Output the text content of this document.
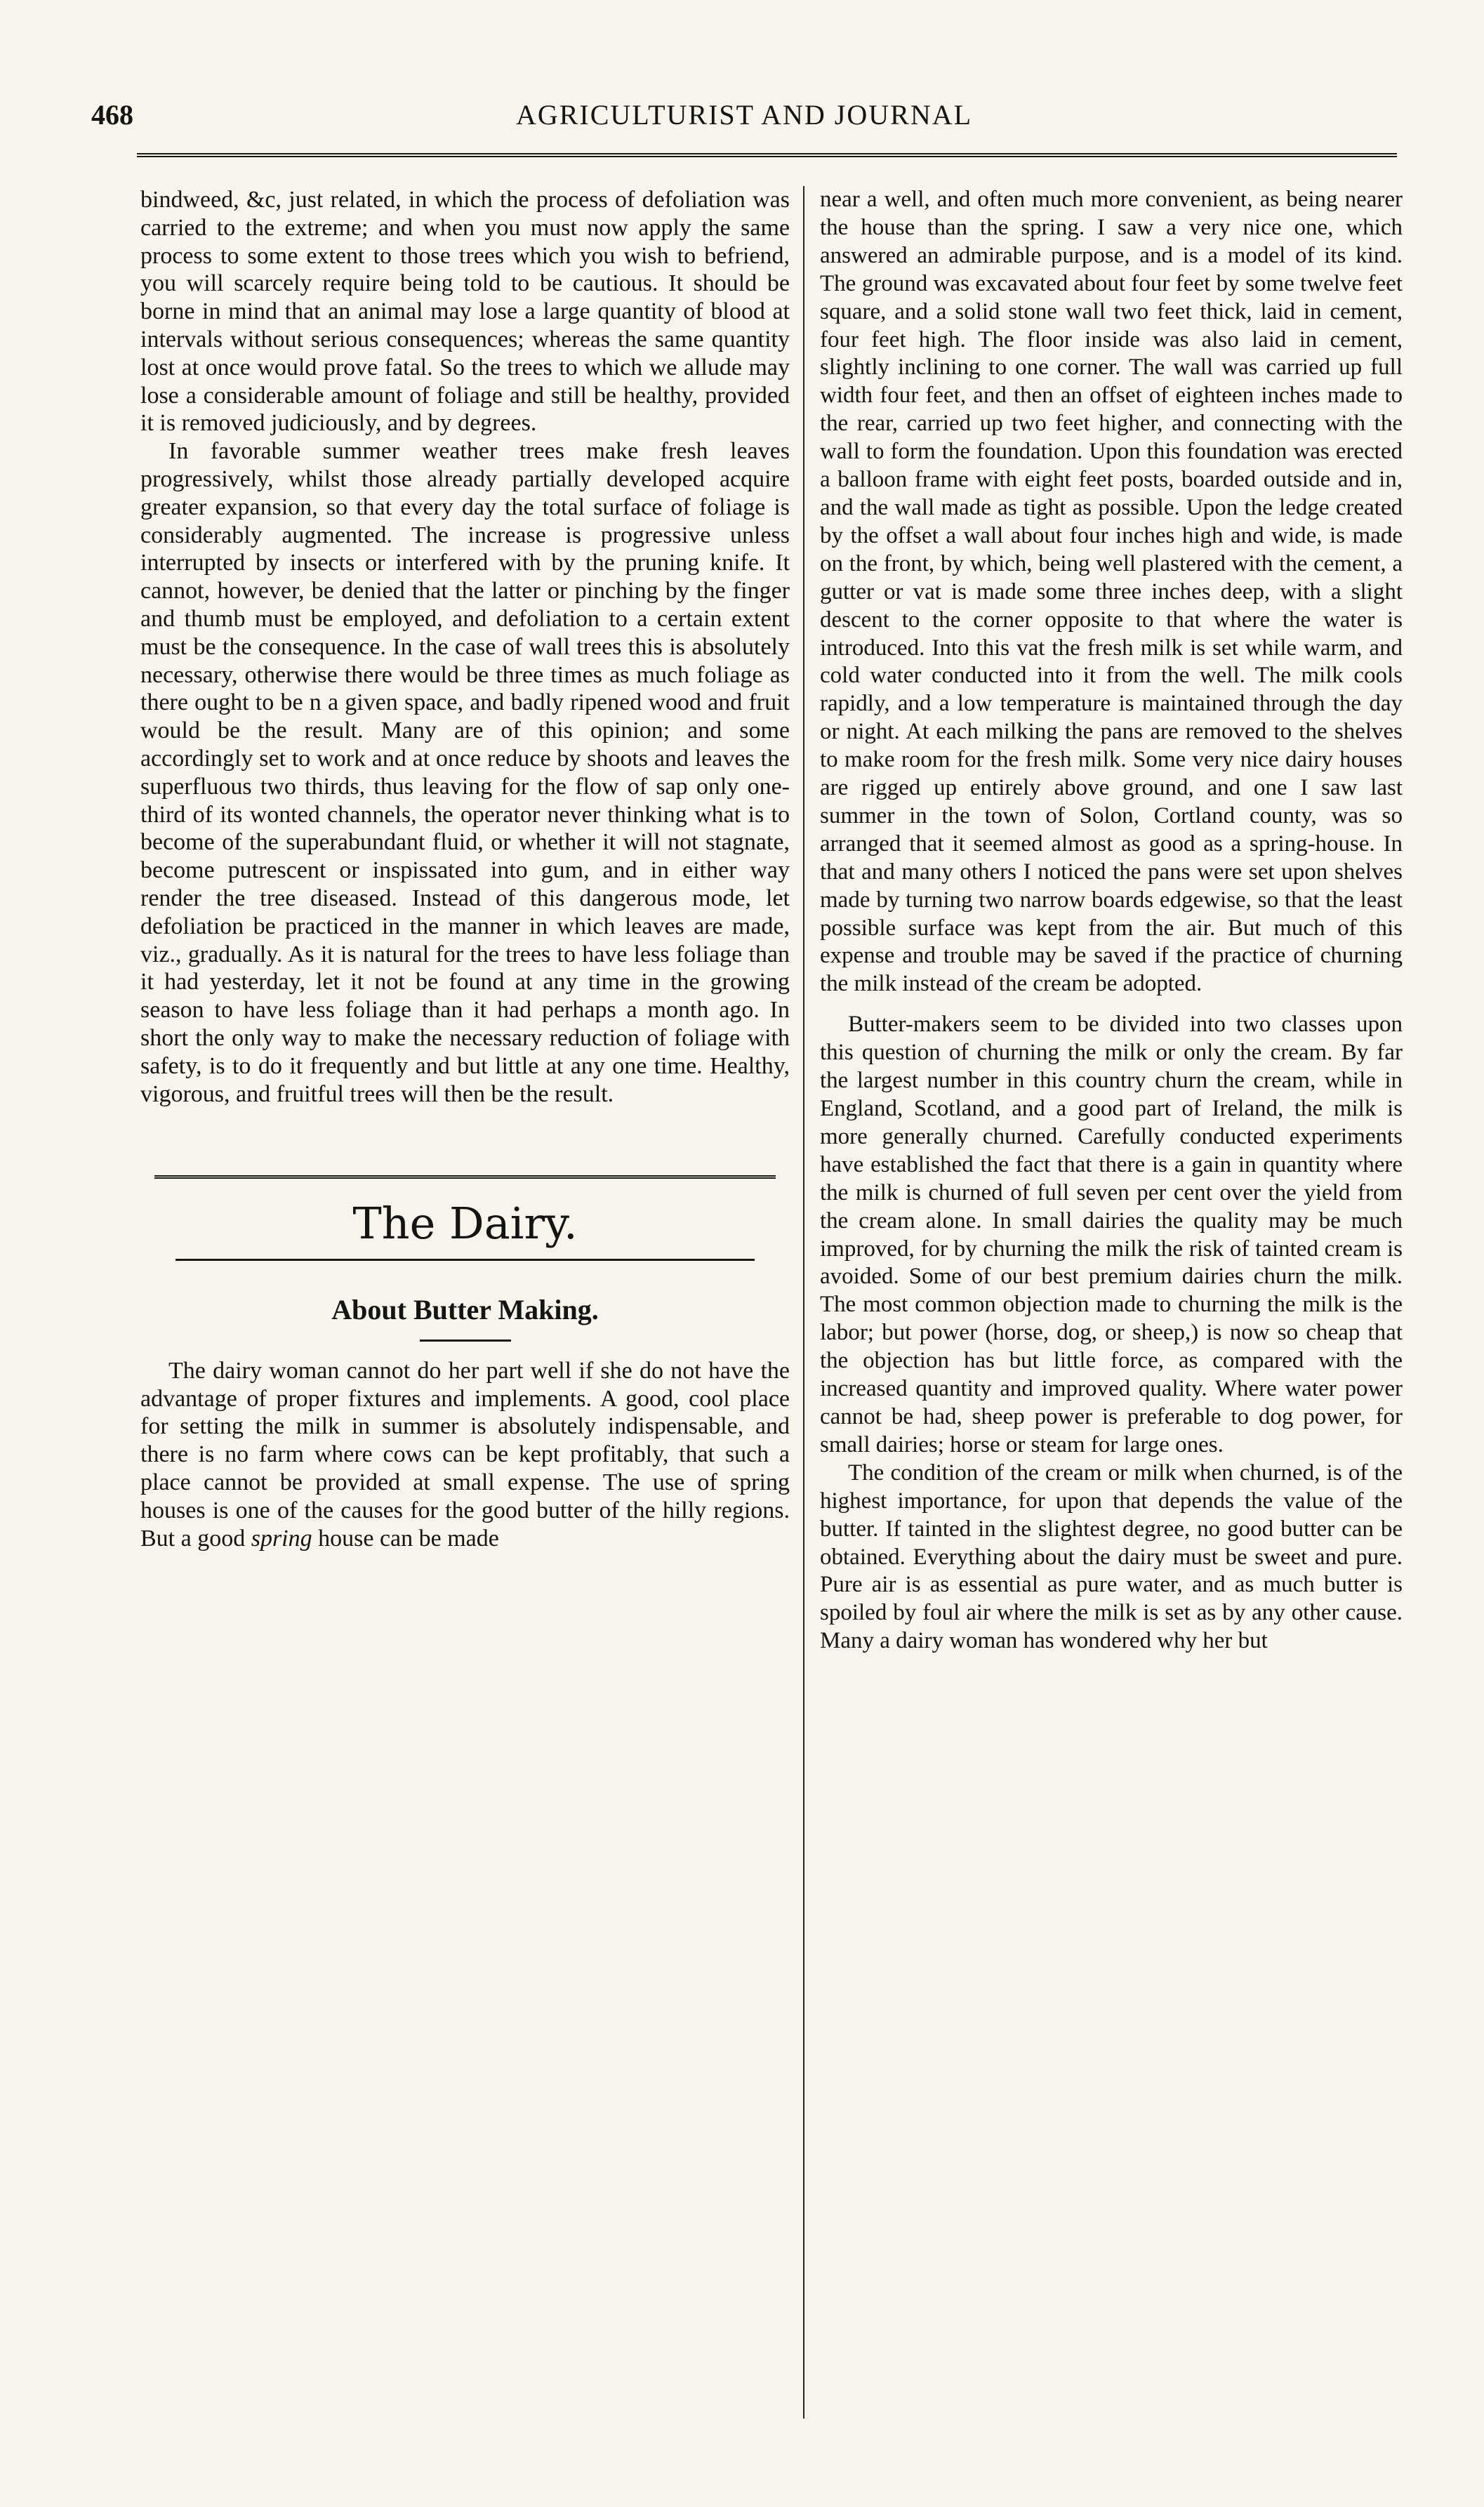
468	AGRICULTURIST AND JOURNAL

bindweed, &c, just related, in which the process of defoliation was carried to the extreme; and when you must now apply the same process to some extent to those trees which you wish to befriend, you will scarcely require being told to be cautious. It should be borne in mind that an animal may lose a large quantity of blood at intervals without serious consequences; whereas the same quantity lost at once would prove fatal. So the trees to which we allude may lose a considerable amount of foliage and still be healthy, provided it is removed judiciously, and by degrees.

In favorable summer weather trees make fresh leaves progressively, whilst those already partially developed acquire greater expansion, so that every day the total surface of foliage is considerably augmented. The increase is progressive unless interrupted by insects or interfered with by the pruning knife. It cannot, however, be denied that the latter or pinching by the finger and thumb must be employed, and defoliation to a certain extent must be the consequence. In the case of wall trees this is absolutely necessary, otherwise there would be three times as much foliage as there ought to be n a given space, and badly ripened wood and fruit would be the result. Many are of this opinion; and some accordingly set to work and at once reduce by shoots and leaves the superfluous two thirds, thus leaving for the flow of sap only one-third of its wonted channels, the operator never thinking what is to become of the superabundant fluid, or whether it will not stagnate, become putrescent or inspissated into gum, and in either way render the tree diseased. Instead of this dangerous mode, let defoliation be practiced in the manner in which leaves are made, viz., gradually. As it is natural for the trees to have less foliage than it had yesterday, let it not be found at any time in the growing season to have less foliage than it had perhaps a month ago. In short the only way to make the necessary reduction of foliage with safety, is to do it frequently and but little at any one time. Healthy, vigorous, and fruitful trees will then be the result.

The Dairy.
About Butter Making.

The dairy woman cannot do her part well if she do not have the advantage of proper fixtures and implements. A good, cool place for setting the milk in summer is absolutely indispensable, and there is no farm where cows can be kept profitably, that such a place cannot be provided at small expense. The use of spring houses is one of the causes for the good butter of the hilly regions. But a good spring house can be made

near a well, and often much more convenient, as being nearer the house than the spring. I saw a very nice one, which answered an admirable purpose, and is a model of its kind. The ground was excavated about four feet by some twelve feet square, and a solid stone wall two feet thick, laid in cement, four feet high. The floor inside was also laid in cement, slightly inclining to one corner. The wall was carried up full width four feet, and then an offset of eighteen inches made to the rear, carried up two feet higher, and connecting with the wall to form the foundation. Upon this foundation was erected a balloon frame with eight feet posts, boarded outside and in, and the wall made as tight as possible. Upon the ledge created by the offset a wall about four inches high and wide, is made on the front, by which, being well plastered with the cement, a gutter or vat is made some three inches deep, with a slight descent to the corner opposite to that where the water is introduced. Into this vat the fresh milk is set while warm, and cold water conducted into it from the well. The milk cools rapidly, and a low temperature is maintained through the day or night. At each milking the pans are removed to the shelves to make room for the fresh milk. Some very nice dairy houses are rigged up entirely above ground, and one I saw last summer in the town of Solon, Cortland county, was so arranged that it seemed almost as good as a spring-house. In that and many others I noticed the pans were set upon shelves made by turning two narrow boards edgewise, so that the least possible surface was kept from the air. But much of this expense and trouble may be saved if the practice of churning the milk instead of the cream be adopted.

Butter-makers seem to be divided into two classes upon this question of churning the milk or only the cream. By far the largest number in this country churn the cream, while in England, Scotland, and a good part of Ireland, the milk is more generally churned. Carefully conducted experiments have established the fact that there is a gain in quantity where the milk is churned of full seven per cent over the yield from the cream alone. In small dairies the quality may be much improved, for by churning the milk the risk of tainted cream is avoided. Some of our best premium dairies churn the milk. The most common objection made to churning the milk is the labor; but power (horse, dog, or sheep,) is now so cheap that the objection has but little force, as compared with the increased quantity and improved quality. Where water power cannot be had, sheep power is preferable to dog power, for small dairies; horse or steam for large ones.

The condition of the cream or milk when churned, is of the highest importance, for upon that depends the value of the butter. If tainted in the slightest degree, no good butter can be obtained. Everything about the dairy must be sweet and pure. Pure air is as essential as pure water, and as much butter is spoiled by foul air where the milk is set as by any other cause. Many a dairy woman has wondered why her but
